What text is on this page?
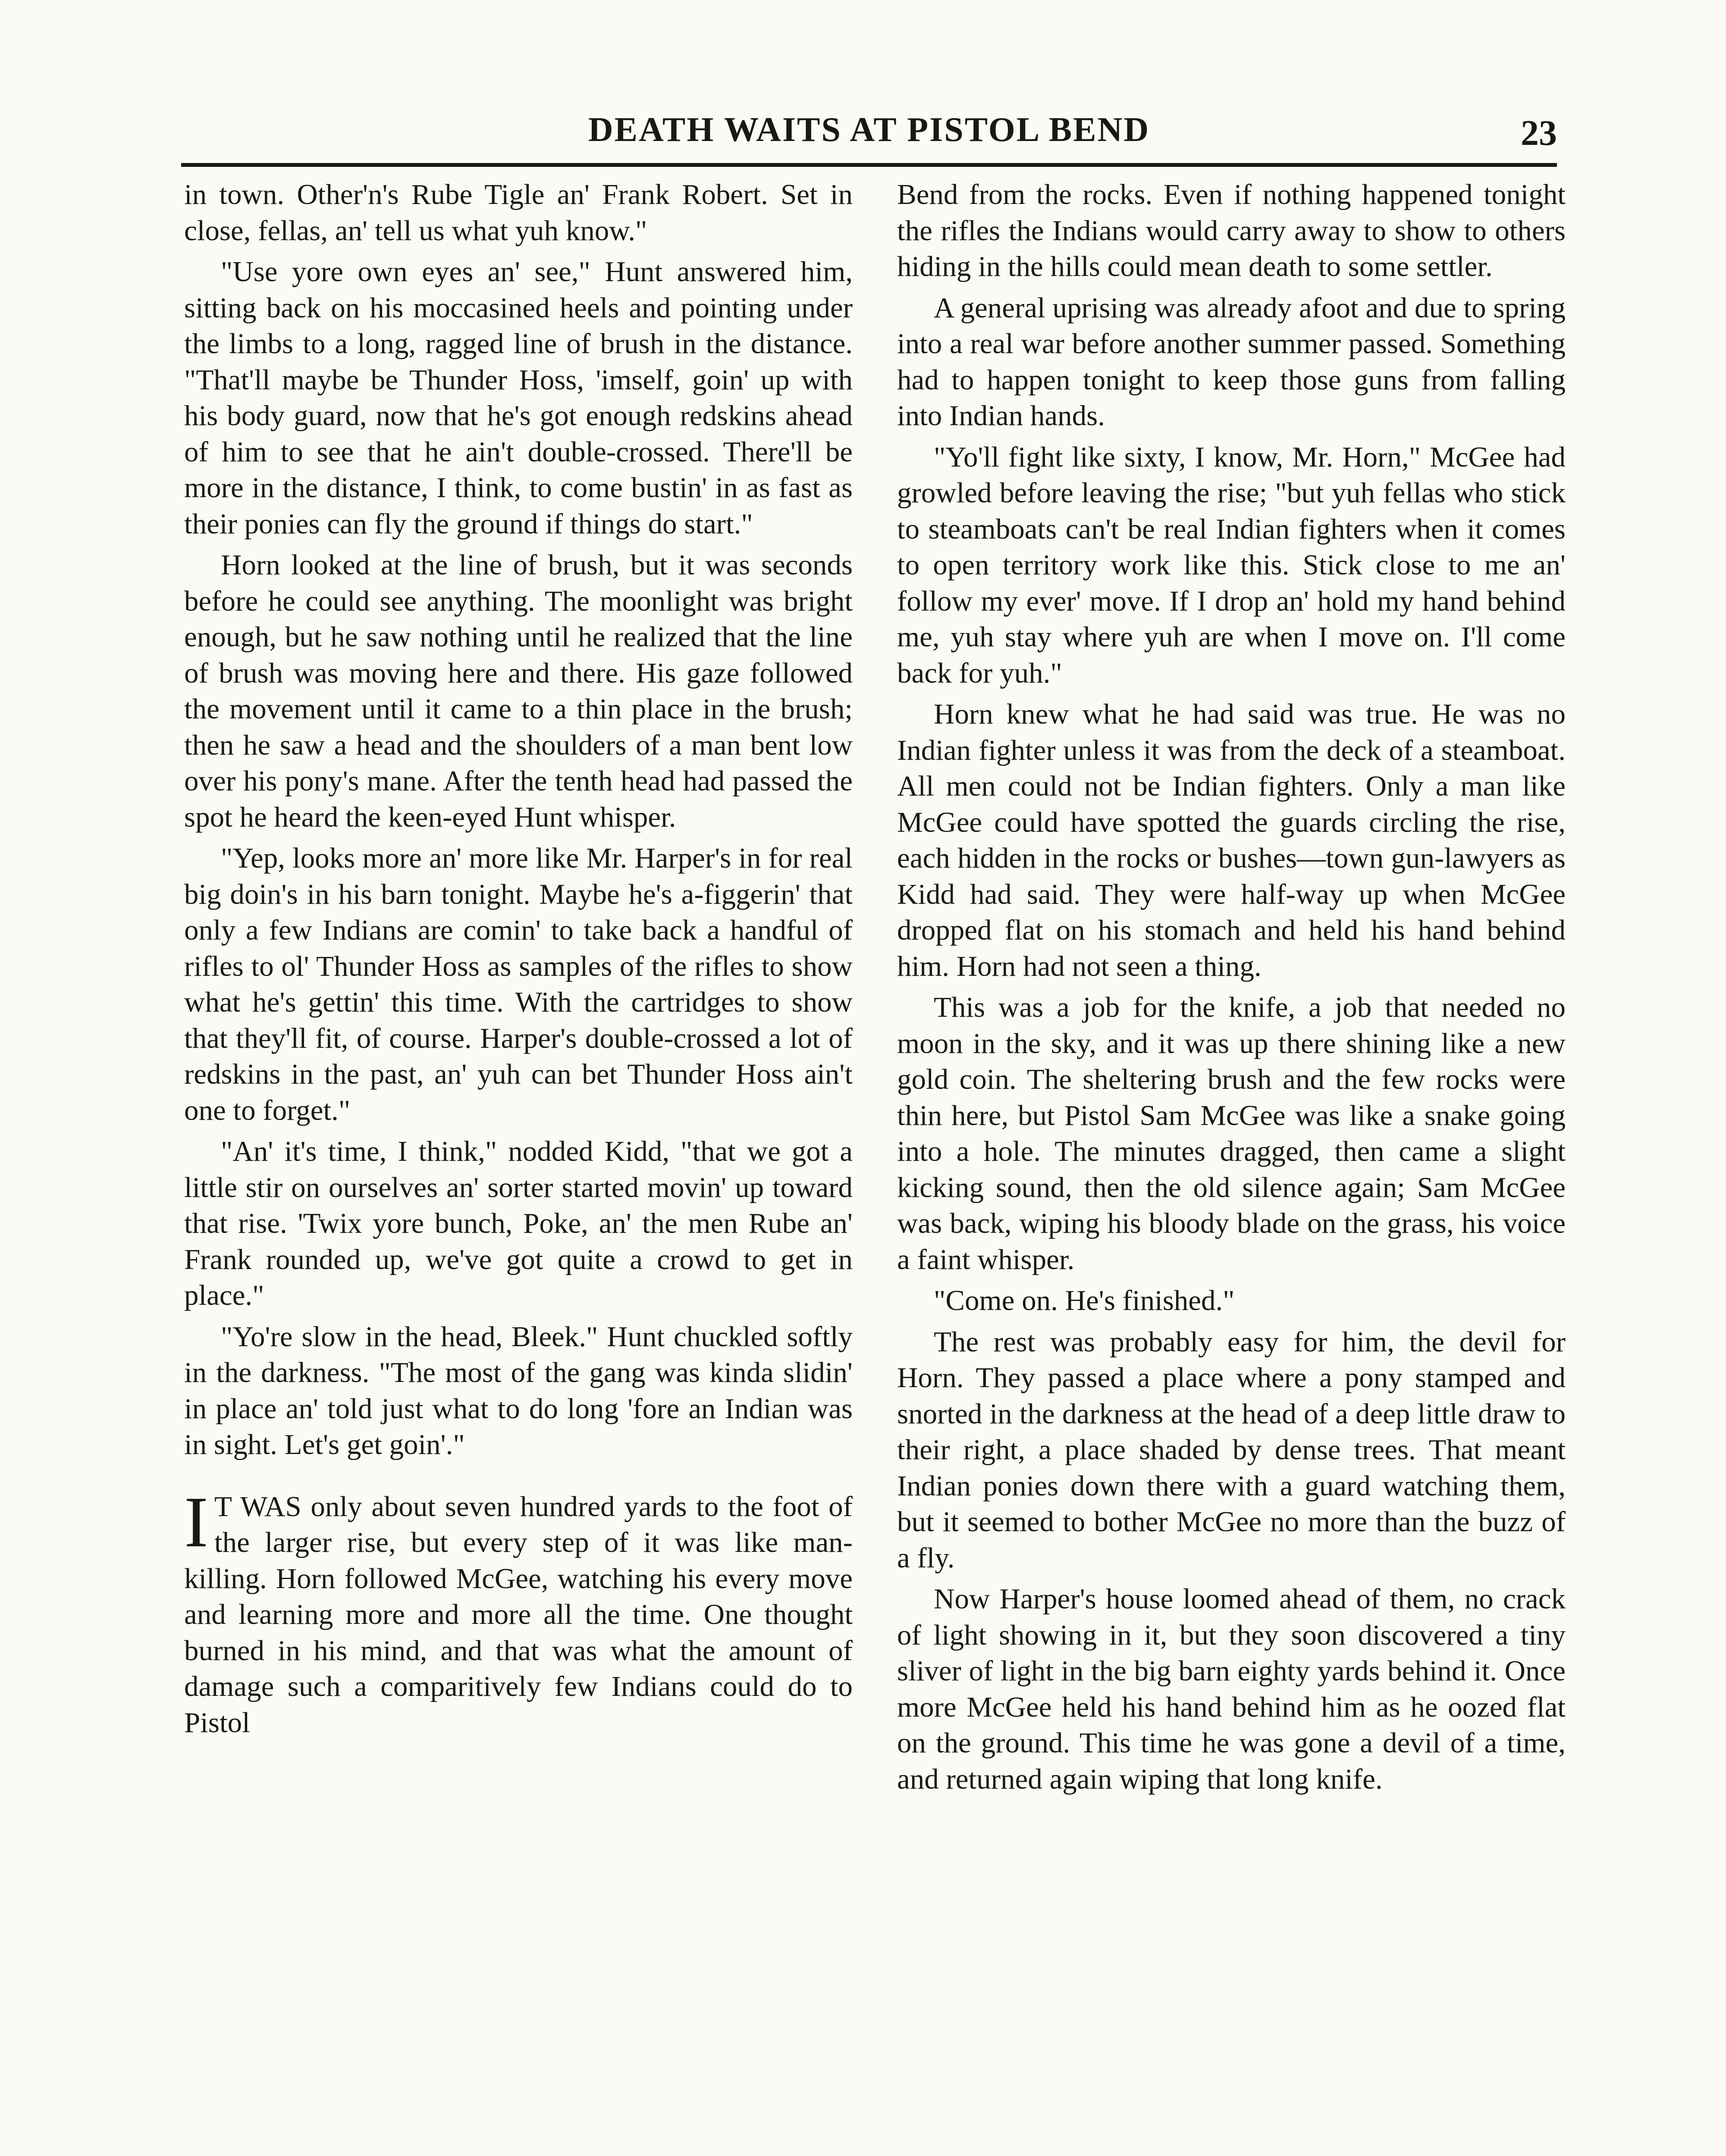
DEATH WAITS AT PISTOL BEND	23

in town. Other'n's Rube Tigle an' Frank Robert. Set in close, fellas, an' tell us what yuh know."

"Use yore own eyes an' see," Hunt answered him, sitting back on his moccasined heels and pointing under the limbs to a long, ragged line of brush in the distance. "That'll maybe be Thunder Hoss, 'imself, goin' up with his body guard, now that he's got enough redskins ahead of him to see that he ain't double-crossed. There'll be more in the distance, I think, to come bustin' in as fast as their ponies can fly the ground if things do start."

Horn looked at the line of brush, but it was seconds before he could see anything. The moonlight was bright enough, but he saw nothing until he realized that the line of brush was moving here and there. His gaze followed the movement until it came to a thin place in the brush; then he saw a head and the shoulders of a man bent low over his pony's mane. After the tenth head had passed the spot he heard the keen-eyed Hunt whisper.

"Yep, looks more an' more like Mr. Harper's in for real big doin's in his barn tonight. Maybe he's a-figgerin' that only a few Indians are comin' to take back a handful of rifles to ol' Thunder Hoss as samples of the rifles to show what he's gettin' this time. With the cartridges to show that they'll fit, of course. Harper's double-crossed a lot of redskins in the past, an' yuh can bet Thunder Hoss ain't one to forget."

"An' it's time, I think," nodded Kidd, "that we got a little stir on ourselves an' sorter started movin' up toward that rise. 'Twix yore bunch, Poke, an' the men Rube an' Frank rounded up, we've got quite a crowd to get in place."

"Yo're slow in the head, Bleek." Hunt chuckled softly in the darkness. "The most of the gang was kinda slidin' in place an' told just what to do long 'fore an Indian was in sight. Let's get goin'."

I T WAS only about seven hundred yards to the foot of the larger rise, but every step of it was like man-killing. Horn followed McGee, watching his every move and learning more and more all the time. One thought burned in his mind, and that was what the amount of damage such a comparitively few Indians could do to Pistol

Bend from the rocks. Even if nothing happened tonight the rifles the Indians would carry away to show to others hiding in the hills could mean death to some settler.

A general uprising was already afoot and due to spring into a real war before another summer passed. Something had to happen tonight to keep those guns from falling into Indian hands.

"Yo'll fight like sixty, I know, Mr. Horn," McGee had growled before leaving the rise; "but yuh fellas who stick to steamboats can't be real Indian fighters when it comes to open territory work like this. Stick close to me an' follow my ever' move. If I drop an' hold my hand behind me, yuh stay where yuh are when I move on. I'll come back for yuh."

Horn knew what he had said was true. He was no Indian fighter unless it was from the deck of a steamboat. All men could not be Indian fighters. Only a man like McGee could have spotted the guards circling the rise, each hidden in the rocks or bushes—town gun-lawyers as Kidd had said. They were half-way up when McGee dropped flat on his stomach and held his hand behind him. Horn had not seen a thing.

This was a job for the knife, a job that needed no moon in the sky, and it was up there shining like a new gold coin. The sheltering brush and the few rocks were thin here, but Pistol Sam McGee was like a snake going into a hole. The minutes dragged, then came a slight kicking sound, then the old silence again; Sam McGee was back, wiping his bloody blade on the grass, his voice a faint whisper.

"Come on. He's finished."

The rest was probably easy for him, the devil for Horn. They passed a place where a pony stamped and snorted in the darkness at the head of a deep little draw to their right, a place shaded by dense trees. That meant Indian ponies down there with a guard watching them, but it seemed to bother McGee no more than the buzz of a fly.

Now Harper's house loomed ahead of them, no crack of light showing in it, but they soon discovered a tiny sliver of light in the big barn eighty yards behind it. Once more McGee held his hand behind him as he oozed flat on the ground. This time he was gone a devil of a time, and returned again wiping that long knife.
